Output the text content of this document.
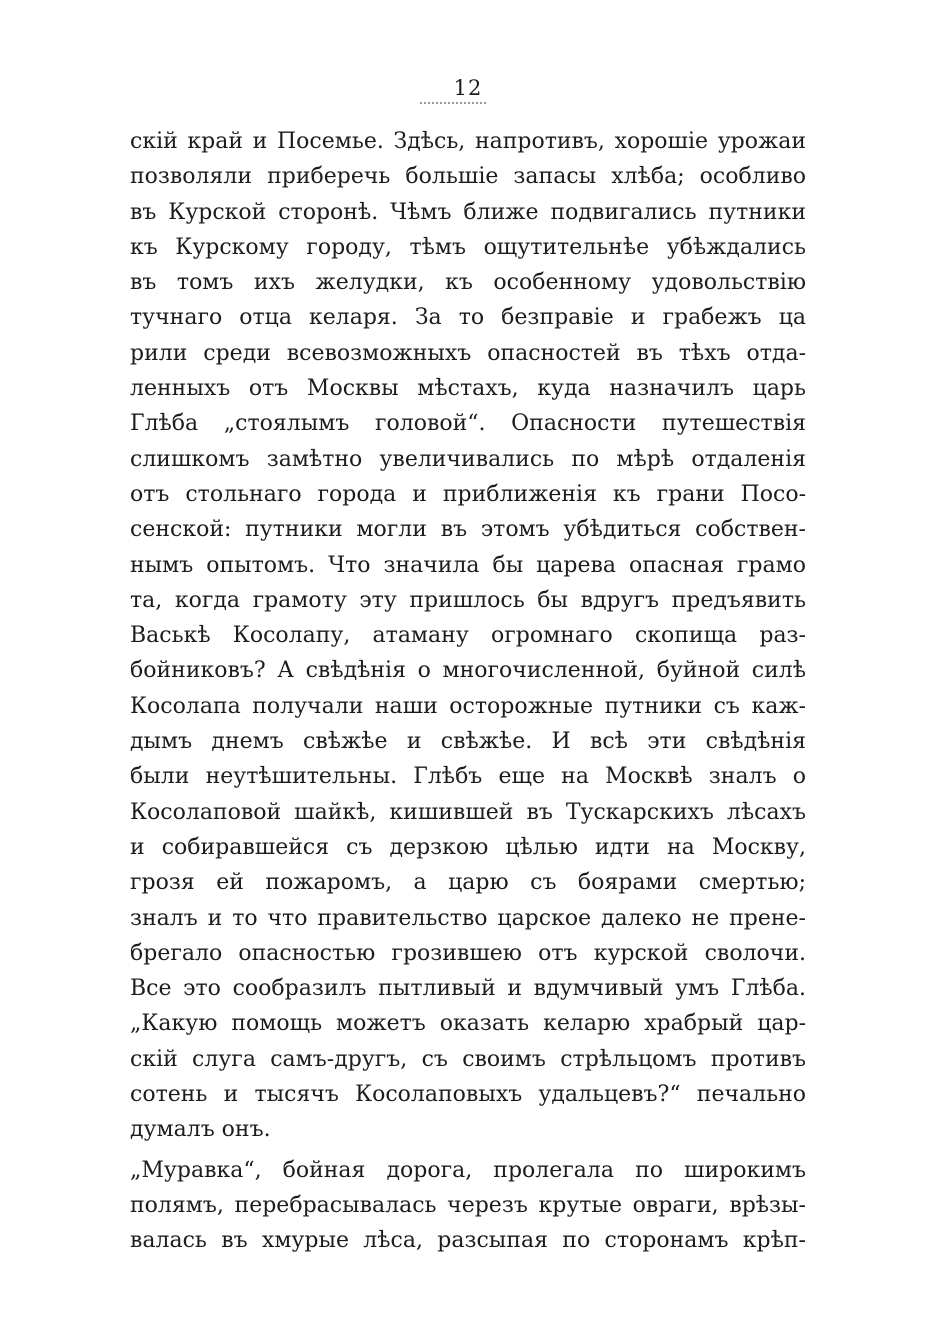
12
скій край и Посемье. Здѣсь, напротивъ, хорошіе урожаи
позволяли приберечь большіе запасы хлѣба; особливо
въ Курской сторонѣ. Чѣмъ ближе подвигались путники
къ Курскому городу, тѣмъ ощутительнѣе убѣждались
въ томъ ихъ желудки, къ особенному удовольствію
тучнаго отца келаря. За то безправіе и грабежъ ца
рили среди всевозможныхъ опасностей въ тѣхъ отда-
ленныхъ отъ Москвы мѣстахъ, куда назначилъ царь
Глѣба „стоялымъ головой“. Опасности путешествія
слишкомъ замѣтно увеличивались по мѣрѣ отдаленія
отъ стольнаго города и приближенія къ грани Посо-
сенской: путники могли въ этомъ убѣдиться собствен-
нымъ опытомъ. Что значила бы царева опасная грамо
та, когда грамоту эту пришлось бы вдругъ предъявить
Васькѣ Косолапу, атаману огромнаго скопища раз-
бойниковъ? А свѣдѣнія о многочисленной, буйной силѣ
Косолапа получали наши осторожные путники съ каж-
дымъ днемъ свѣжѣе и свѣжѣе. И всѣ эти свѣдѣнія
были неутѣшительны. Глѣбъ еще на Москвѣ зналъ о
Косолаповой шайкѣ, кишившей въ Тускарскихъ лѣсахъ
и собиравшейся съ дерзкою цѣлью идти на Москву,
грозя ей пожаромъ, а царю съ боярами смертью;
зналъ и то что правительство царское далеко не прене-
брегало опасностью грозившею отъ курской сволочи.
Все это сообразилъ пытливый и вдумчивый умъ Глѣба.
„Какую помощь можетъ оказать келарю храбрый цар-
скій слуга самъ-другъ, съ своимъ стрѣльцомъ противъ
сотень и тысячъ Косолаповыхъ удальцевъ?“ печально
думалъ онъ.
„Муравка“, бойная дорога, пролегала по широкимъ
полямъ, перебрасывалась черезъ крутые овраги, врѣзы-
валась въ хмурые лѣса, разсыпая по сторонамъ крѣп-
